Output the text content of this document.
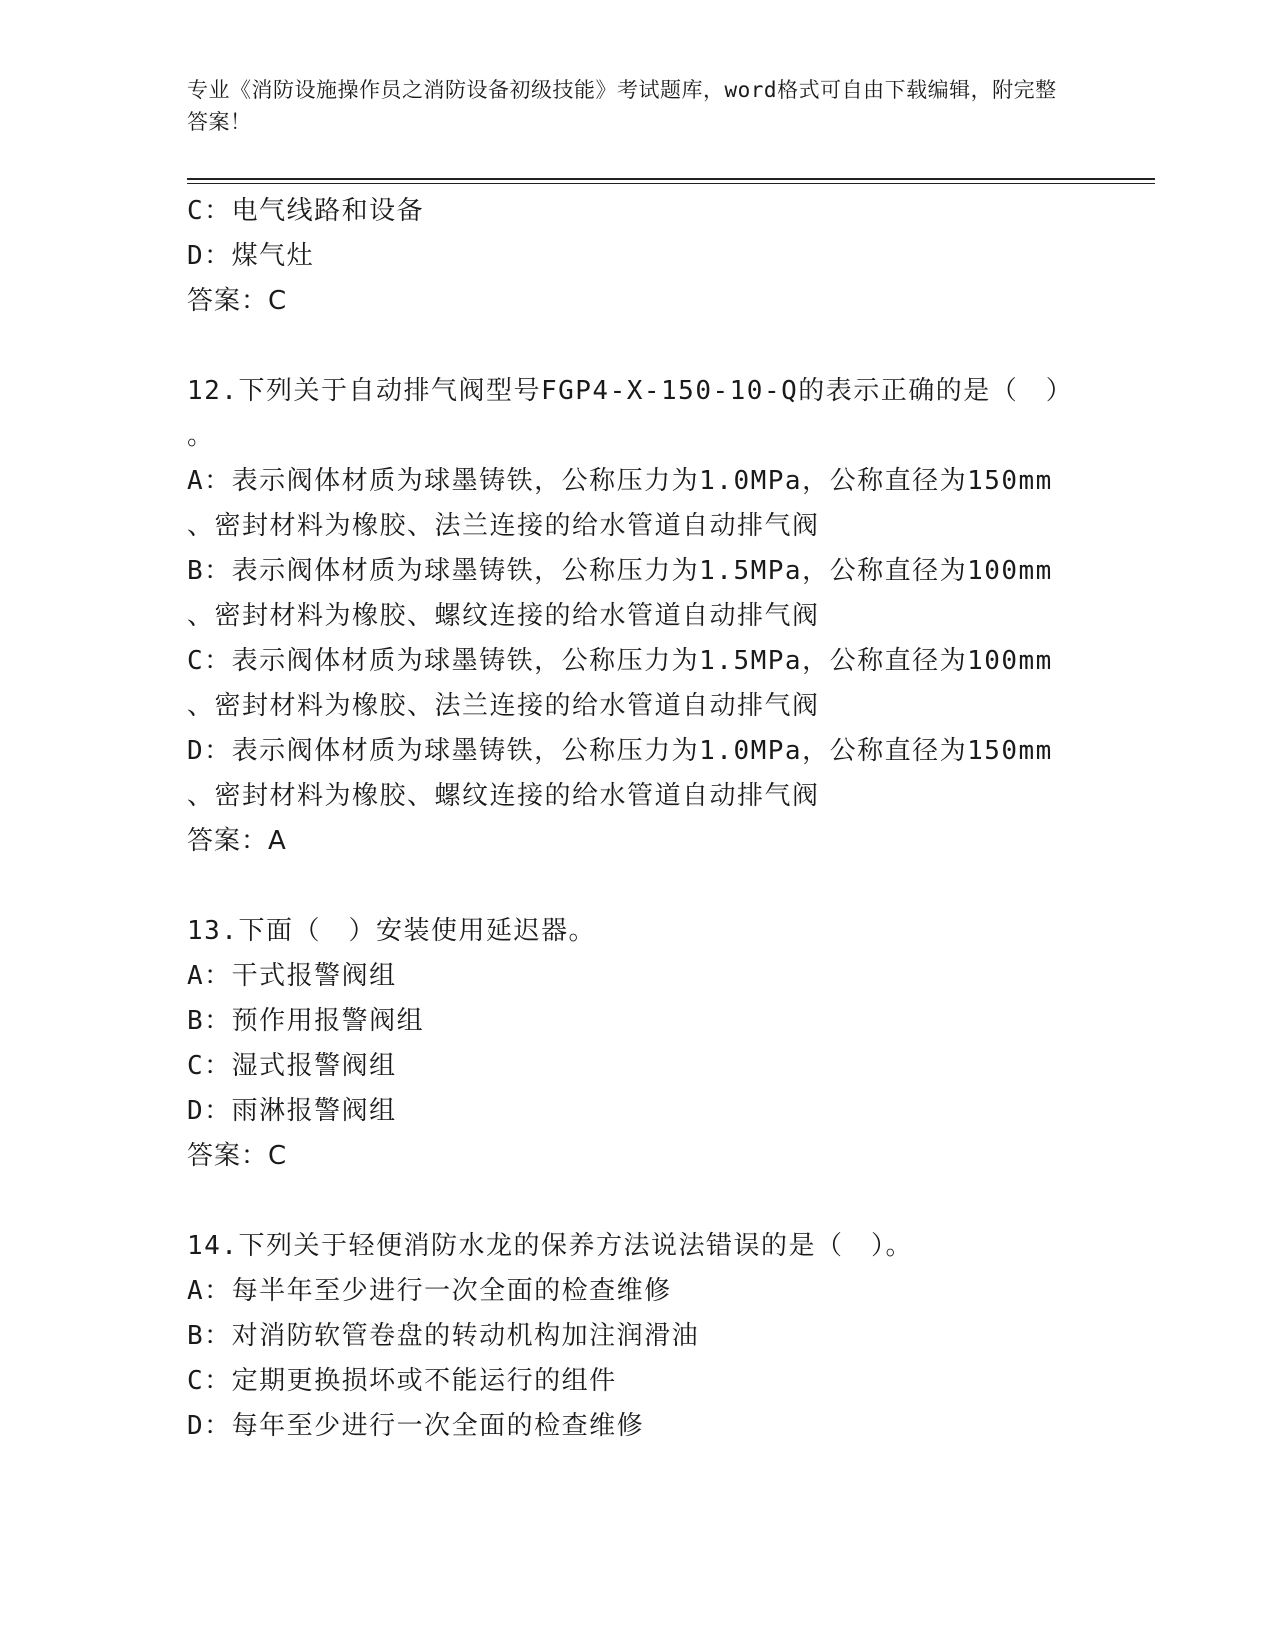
专业《消防设施操作员之消防设备初级技能》考试题库，word格式可自由下载编辑，附完整答案！
C：电气线路和设备
D：煤气灶
答案：C
12.下列关于自动排气阀型号FGP4-X-150-10-Q的表示正确的是（　）
。
A：表示阀体材质为球墨铸铁，公称压力为1.0MPa，公称直径为150mm
、密封材料为橡胶、法兰连接的给水管道自动排气阀
B：表示阀体材质为球墨铸铁，公称压力为1.5MPa，公称直径为100mm
、密封材料为橡胶、螺纹连接的给水管道自动排气阀
C：表示阀体材质为球墨铸铁，公称压力为1.5MPa，公称直径为100mm
、密封材料为橡胶、法兰连接的给水管道自动排气阀
D：表示阀体材质为球墨铸铁，公称压力为1.0MPa，公称直径为150mm
、密封材料为橡胶、螺纹连接的给水管道自动排气阀
答案：A
13.下面（　）安装使用延迟器。
A：干式报警阀组
B：预作用报警阀组
C：湿式报警阀组
D：雨淋报警阀组
答案：C
14.下列关于轻便消防水龙的保养方法说法错误的是（　）。
A：每半年至少进行一次全面的检查维修
B：对消防软管卷盘的转动机构加注润滑油
C：定期更换损坏或不能运行的组件
D：每年至少进行一次全面的检查维修
